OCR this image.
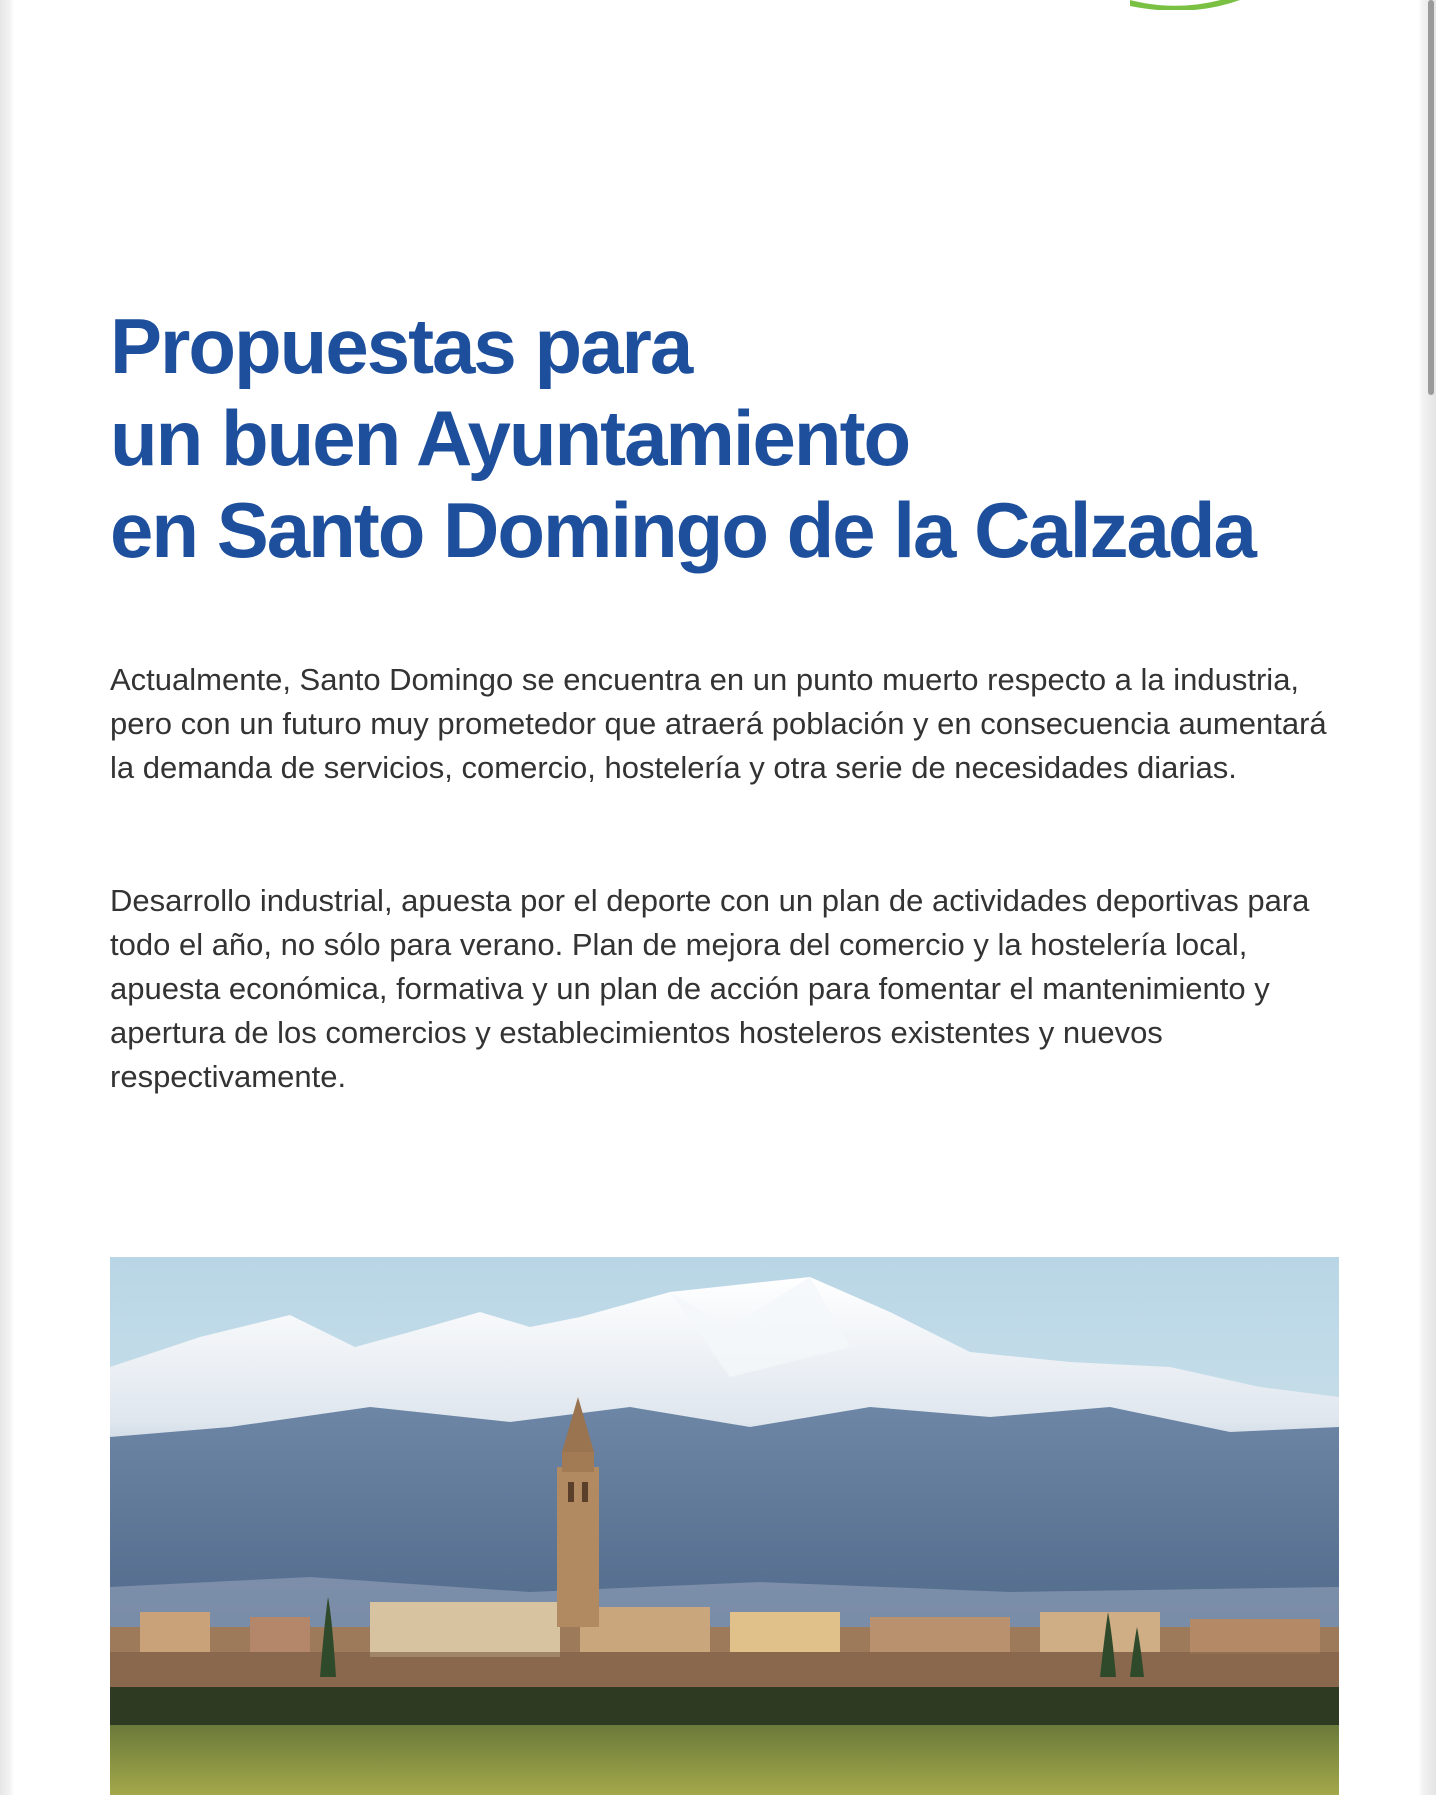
Propuestas para
un buen Ayuntamiento
en Santo Domingo de la Calzada

Actualmente, Santo Domingo se encuentra en un punto muerto respecto a la industria, pero con un futuro muy prometedor que atraerá población y en consecuencia aumentará la demanda de servicios, comercio, hostelería y otra serie de necesidades diarias.

Desarrollo industrial, apuesta por el deporte con un plan de actividades deportivas para todo el año, no sólo para verano. Plan de mejora del comercio y la hostelería local, apuesta económica, formativa y un plan de acción para fomentar el mantenimiento y apertura de los comercios y establecimientos hosteleros existentes y nuevos respectivamente.
